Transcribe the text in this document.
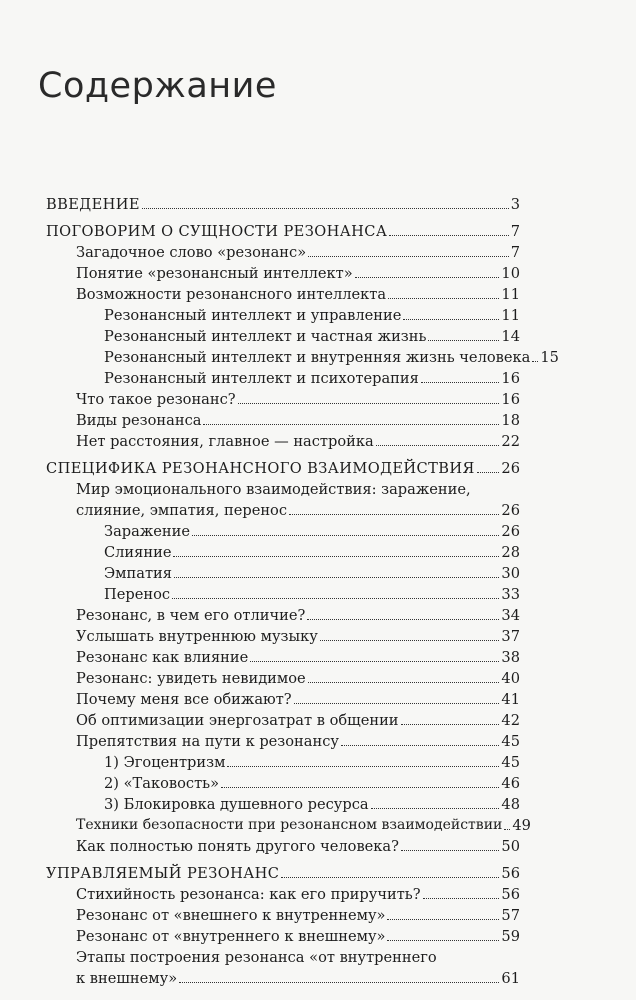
Содержание
ВВЕДЕНИЕ	3
ПОГОВОРИМ О СУЩНОСТИ РЕЗОНАНСА	7
Загадочное слово «резонанс»	7
Понятие «резонансный интеллект»	10
Возможности резонансного интеллекта	11
Резонансный интеллект и управление	11
Резонансный интеллект и частная жизнь	14
Резонансный интеллект и внутренняя жизнь человека 15
Резонансный интеллект и психотерапия	16
Что такое резонанс?	16
Виды резонанса	18
Нет расстояния, главное — настройка	22
СПЕЦИФИКА РЕЗОНАНСНОГО ВЗАИМОДЕЙСТВИЯ 26
Мир эмоционального взаимодействия: заражение,
слияние, эмпатия, перенос	26
Заражение	26
Слияние	28
Эмпатия	30
Перенос	33
Резонанс, в чем его отличие?	34
Услышать внутреннюю музыку	37
Резонанс как влияние	38
Резонанс: увидеть невидимое	40
Почему меня все обижают?	41
Об оптимизации энергозатрат в общении	42
Препятствия на пути к резонансу	45
1) Эгоцентризм	45
2) «Таковость»	46
3) Блокировка душевного ресурса	48
Техники безопасности при резонансном взаимодействии 49
Как полностью понять другого человека?	50
УПРАВЛЯЕМЫЙ РЕЗОНАНС	56
Стихийность резонанса: как его приручить?	56
Резонанс от «внешнего к внутреннему»	57
Резонанс от «внутреннего к внешнему»	59
Этапы построения резонанса «от внутреннего
к внешнему»	61
